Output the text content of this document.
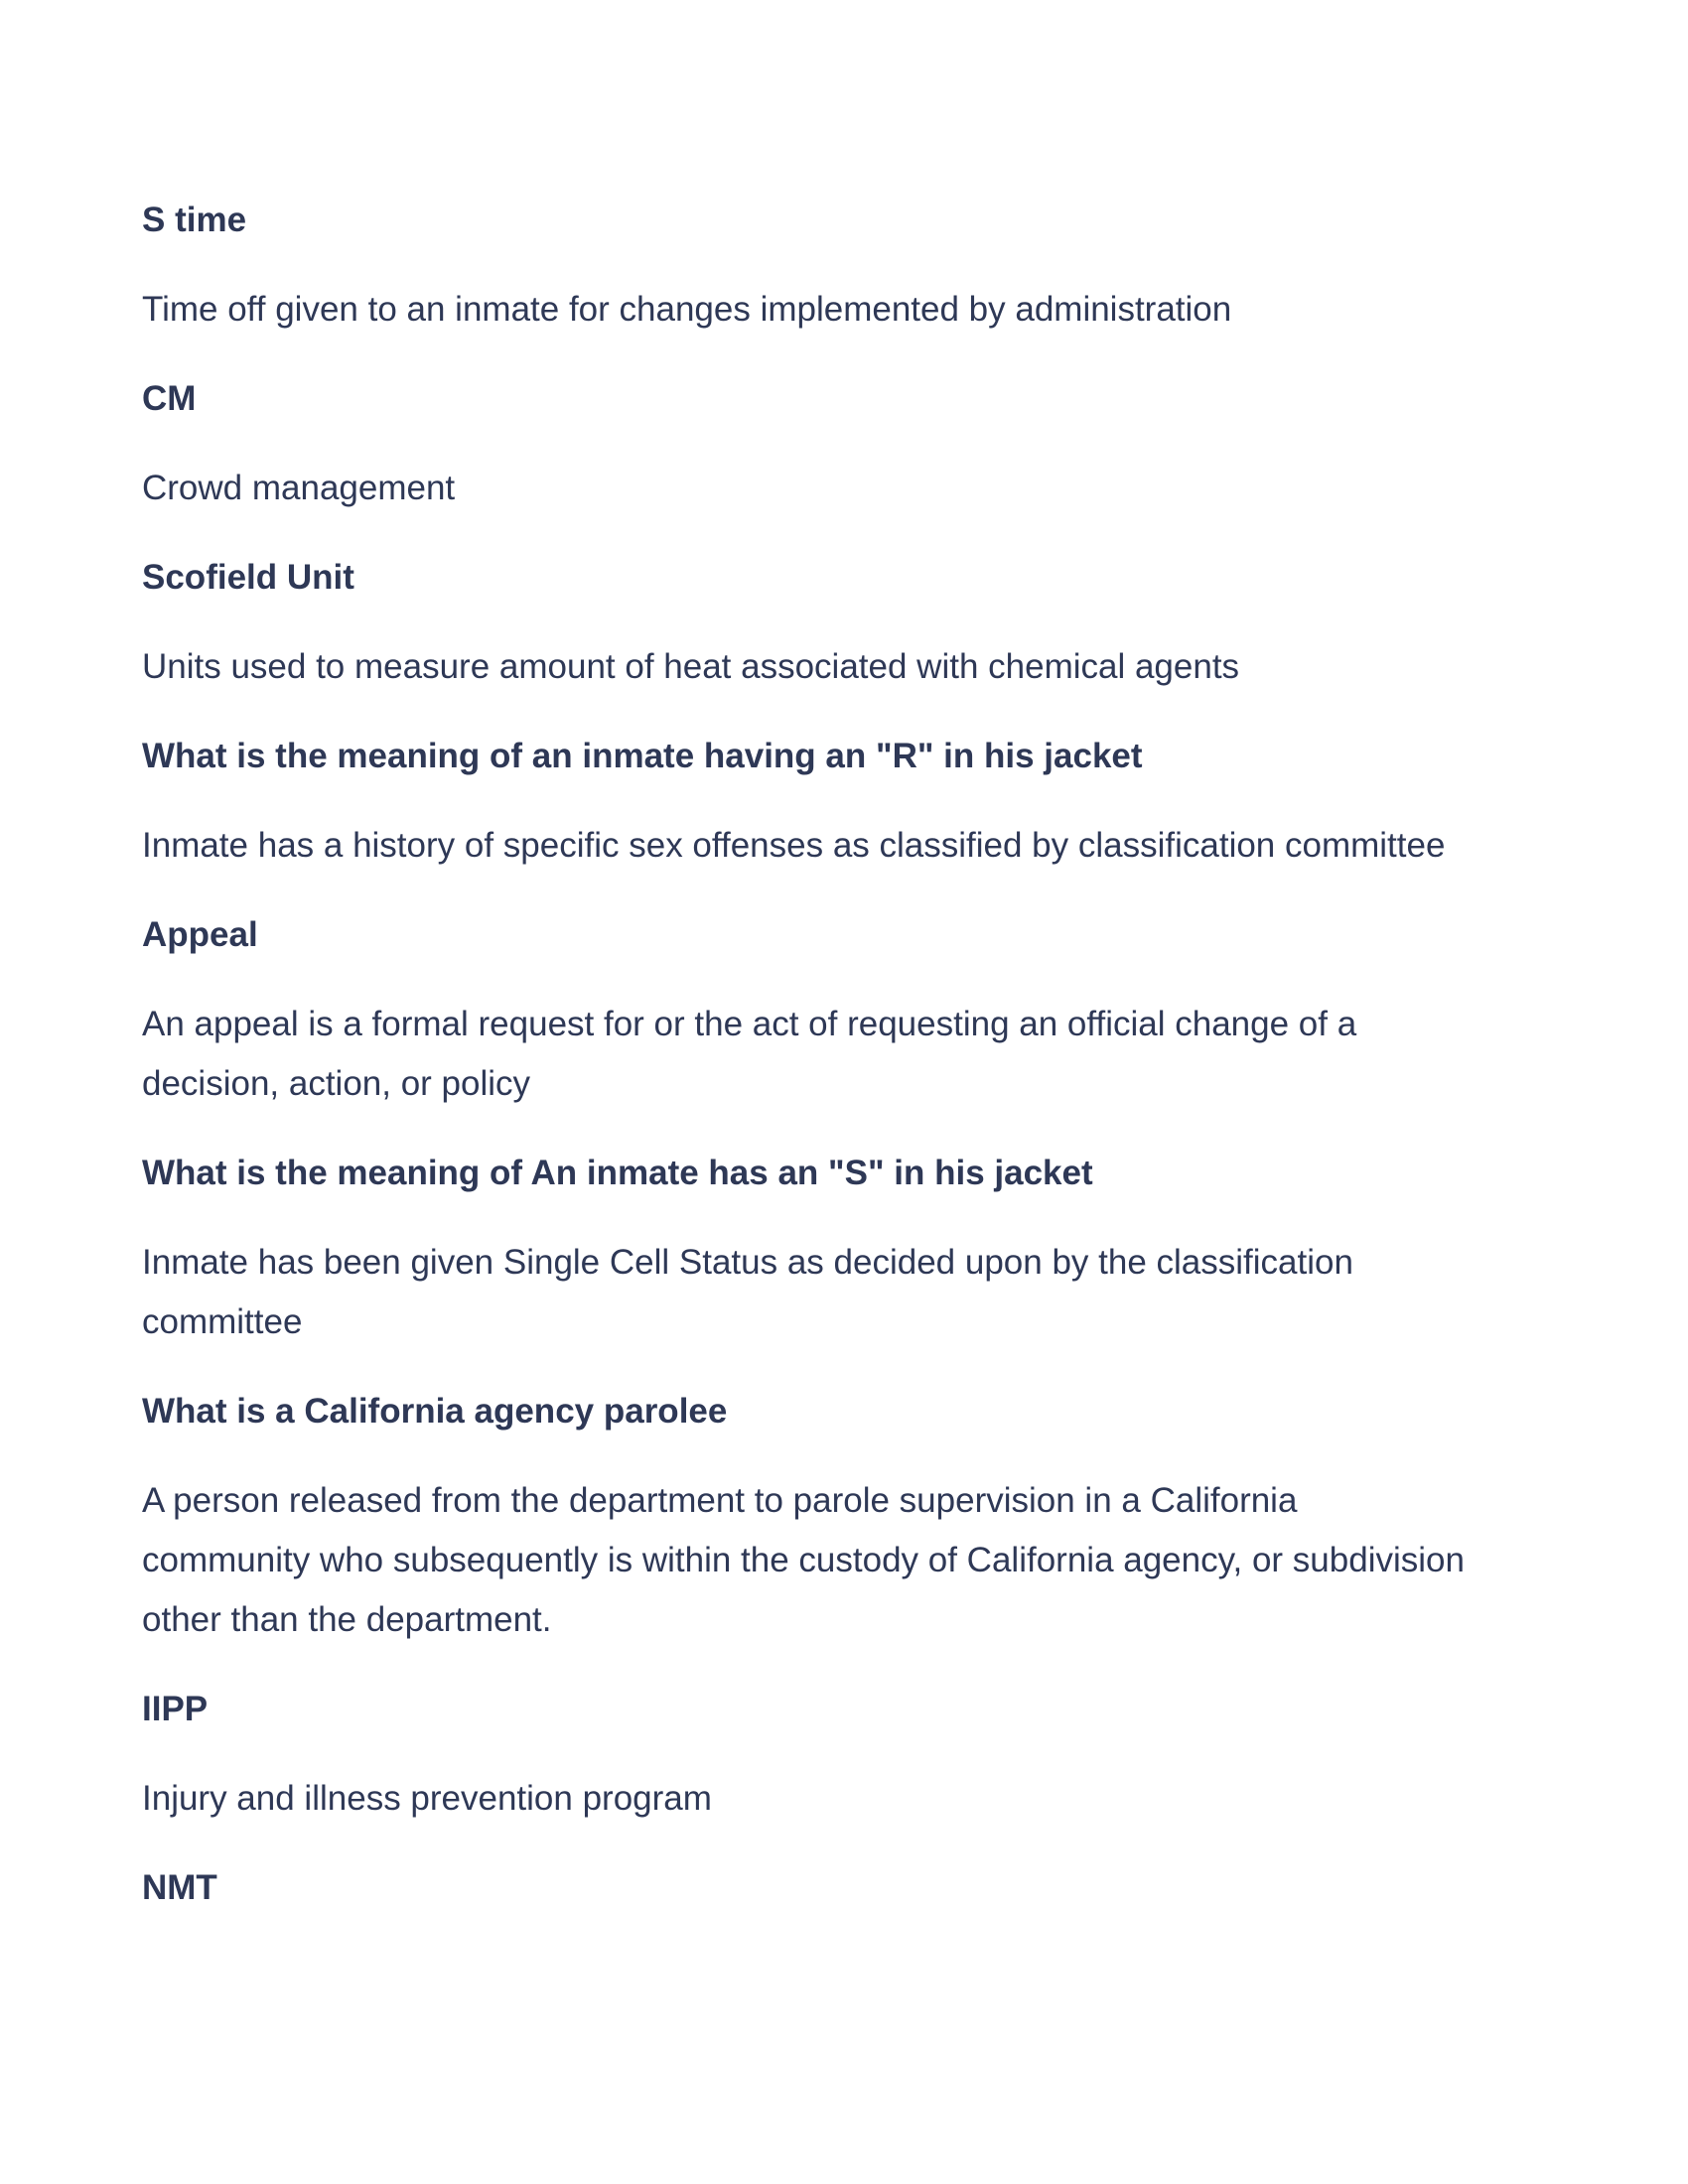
S time

Time off given to an inmate for changes implemented by administration

CM

Crowd management

Scofield Unit

Units used to measure amount of heat associated with chemical agents

What is the meaning of an inmate having an "R" in his jacket

Inmate has a history of specific sex offenses as classified by classification committee

Appeal

An appeal is a formal request for or the act of requesting an official change of a decision, action, or policy

What is the meaning of An inmate has an "S" in his jacket

Inmate has been given Single Cell Status as decided upon by the classification committee

What is a California agency parolee

A person released from the department to parole supervision in a California community who subsequently is within the custody of California agency, or subdivision other than the department.

IIPP

Injury and illness prevention program

NMT
